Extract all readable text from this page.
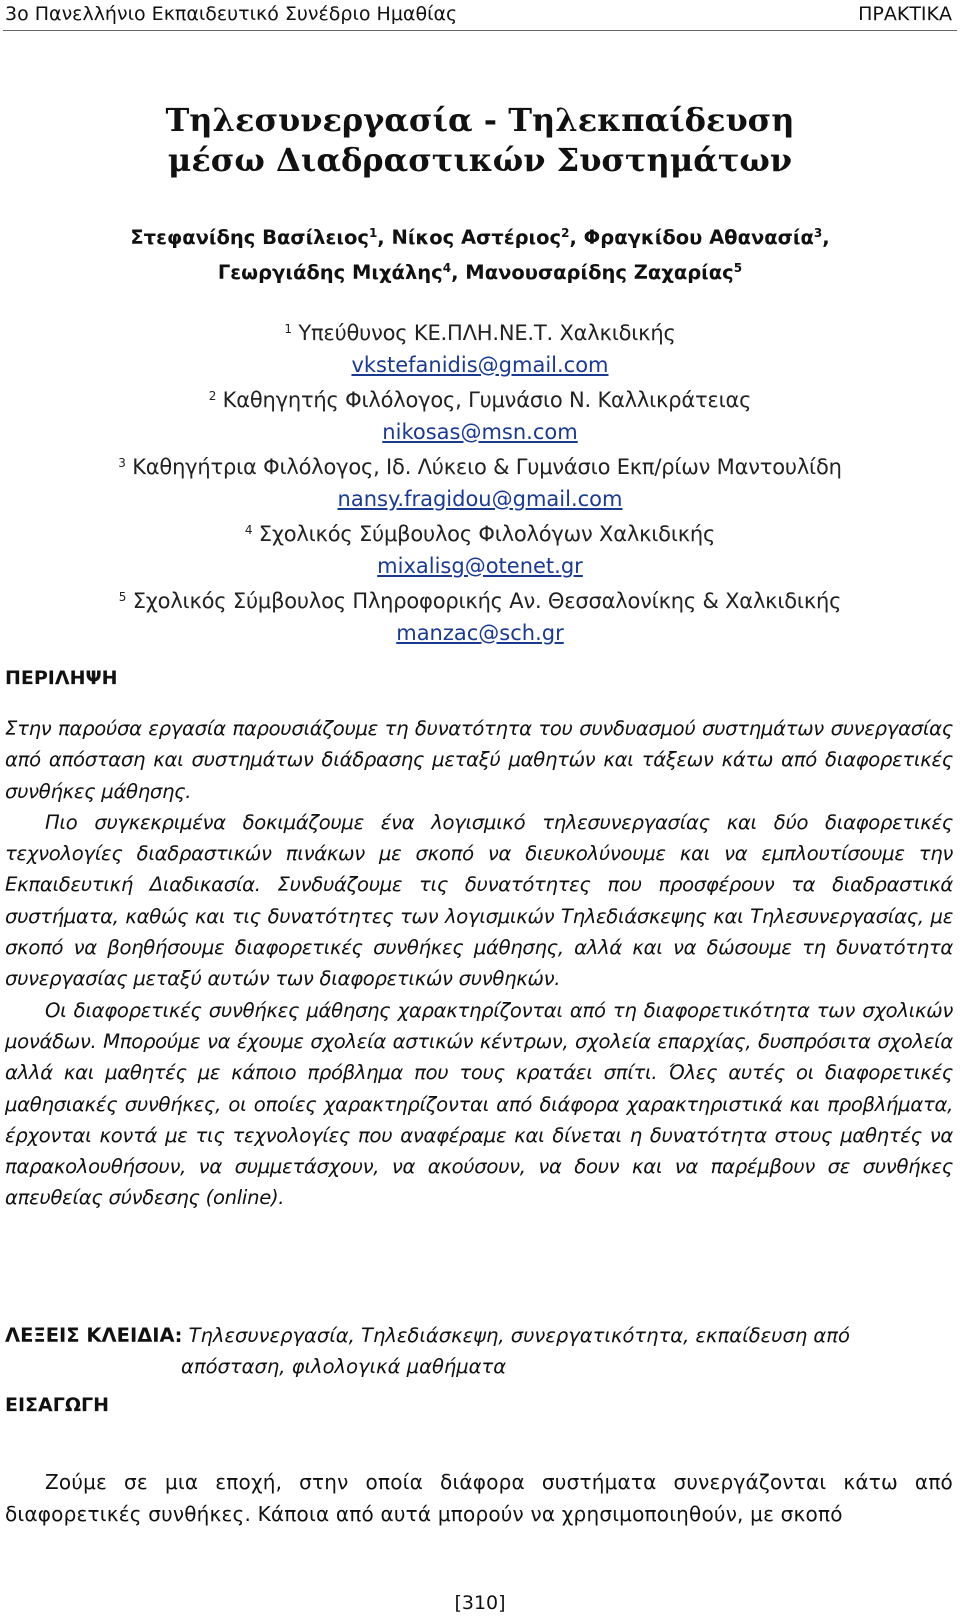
3ο Πανελλήνιο Εκπαιδευτικό Συνέδριο Ημαθίας	ΠΡΑΚΤΙΚΑ
Τηλεσυνεργασία - Τηλεκπαίδευση
μέσω Διαδραστικών Συστημάτων
Στεφανίδης Βασίλειος$^1$, Νίκος Αστέριος$^2$, Φραγκίδου Αθανασία$^3$,
Γεωργιάδης Μιχάλης$^4$, Μανουσαρίδης Ζαχαρίας$^5$
$^1$ Υπεύθυνος ΚΕ.ΠΛΗ.ΝΕ.Τ. Χαλκιδικής
vkstefanidis@gmail.com
$^2$ Καθηγητής Φιλόλογος, Γυμνάσιο Ν. Καλλικράτειας
nikosas@msn.com
$^3$ Καθηγήτρια Φιλόλογος, Ιδ. Λύκειο & Γυμνάσιο Εκπ/ρίων Μαντουλίδη
nansy.fragidou@gmail.com
$^4$ Σχολικός Σύμβουλος Φιλολόγων Χαλκιδικής
mixalisg@otenet.gr
$^5$ Σχολικός Σύμβουλος Πληροφορικής Αν. Θεσσαλονίκης & Χαλκιδικής
manzac@sch.gr
ΠΕΡΙΛΗΨΗ

Στην παρούσα εργασία παρουσιάζουμε τη δυνατότητα του συνδυασμού συστημάτων συνεργασίας από απόσταση και συστημάτων διάδρασης μεταξύ μαθητών και τάξεων κάτω από διαφορετικές συνθήκες μάθησης.

Πιο συγκεκριμένα δοκιμάζουμε ένα λογισμικό τηλεσυνεργασίας και δύο διαφορετικές τεχνολογίες διαδραστικών πινάκων με σκοπό να διευκολύνουμε και να εμπλουτίσουμε την Εκπαιδευτική Διαδικασία. Συνδυάζουμε τις δυνατότητες που προσφέρουν τα διαδραστικά συστήματα, καθώς και τις δυνατότητες των λογισμικών Τηλεδιάσκεψης και Τηλεσυνεργασίας, με σκοπό να βοηθήσουμε διαφορετικές συνθήκες μάθησης, αλλά και να δώσουμε τη δυνατότητα συνεργασίας μεταξύ αυτών των διαφορετικών συνθηκών.

Οι διαφορετικές συνθήκες μάθησης χαρακτηρίζονται από τη διαφορετικότητα των σχολικών μονάδων. Μπορούμε να έχουμε σχολεία αστικών κέντρων, σχολεία επαρχίας, δυσπρόσιτα σχολεία αλλά και μαθητές με κάποιο πρόβλημα που τους κρατάει σπίτι. Όλες αυτές οι διαφορετικές μαθησιακές συνθήκες, οι οποίες χαρακτηρίζονται από διάφορα χαρακτηριστικά και προβλήματα, έρχονται κοντά με τις τεχνολογίες που αναφέραμε και δίνεται η δυνατότητα στους μαθητές να παρακολουθήσουν, να συμμετάσχουν, να ακούσουν, να δουν και να παρέμβουν σε συνθήκες απευθείας σύνδεσης (online).

ΛΕΞΕΙΣ ΚΛΕΙΔΙΑ: Τηλεσυνεργασία, Τηλεδιάσκεψη, συνεργατικότητα, εκπαίδευση από
απόσταση, φιλολογικά μαθήματα
ΕΙΣΑΓΩΓΗ

Ζούμε σε μια εποχή, στην οποία διάφορα συστήματα συνεργάζονται κάτω από διαφορετικές συνθήκες. Κάποια από αυτά μπορούν να χρησιμοποιηθούν, με σκοπό

[310]
